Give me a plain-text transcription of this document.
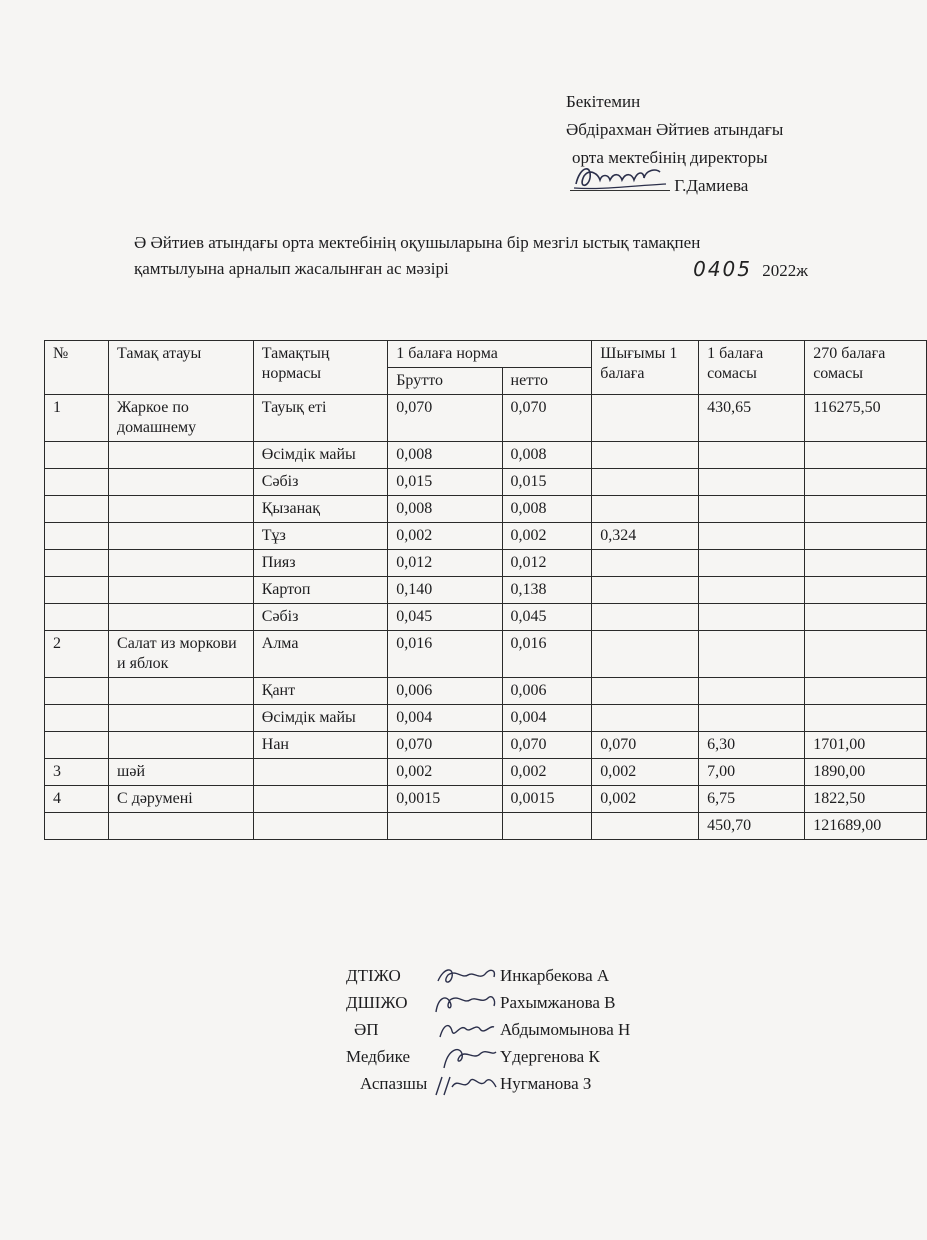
Бекітемин
Әбдірахман Әйтиев атындағы
орта мектебінің директоры
Г.Дамиева
Ә Әйтиев атындағы орта мектебінің оқушыларына бір мезгіл ыстық тамақпен
қамтылуына арналып жасалынған ас мәзірі	0405 2022ж
№	Тамақ атауы	Тамақтың нормасы	1 балаға норма		Шығымы 1 балаға	1 балаға сомасы	270 балаға сомасы
			Брутто	нетто			
1	Жаркое по домашнему	Тауық еті	0,070	0,070		430,65	116275,50
		Өсімдік майы	0,008	0,008			
		Сәбіз	0,015	0,015			
		Қызанақ	0,008	0,008			
		Тұз	0,002	0,002	0,324		
		Пияз	0,012	0,012			
		Картоп	0,140	0,138			
		Сәбіз	0,045	0,045			
2	Салат из моркови и яблок	Алма	0,016	0,016			
		Қант	0,006	0,006			
		Өсімдік майы	0,004	0,004			
		Нан	0,070	0,070	0,070	6,30	1701,00
3	шәй		0,002	0,002	0,002	7,00	1890,00
4	С дәрумені		0,0015	0,0015	0,002	6,75	1822,50
						450,70	121689,00
ДТІЖО	Инкарбекова А
ДШІЖО	Рахымжанова В
ӘП	Абдымомынова Н
Медбике	Үдергенова К
Аспазшы	Нугманова З
